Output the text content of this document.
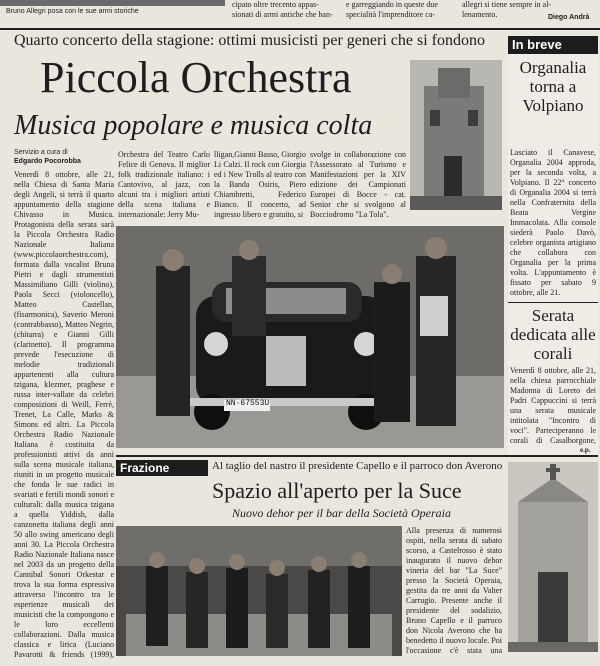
Bruno Allegri posa con le sue armi storiche
cipato oltre trecento appas-
sionati di armi antiche che han-
e garreggiando in queste due
specialità l'imprenditore ca-
allegri si tiene sempre in al-
lenamento.	Diego Andrà
Quarto concerto della stagione: ottimi musicisti per generi che si fondono
Piccola Orchestra
Musica popolare e musica colta
Servizio a cura di
Edgardo Pocorobba

Venerdì 8 ottobre, alle 21, nella Chiesa di Santa Maria degli Angeli, si terrà il quarto appuntamento della stagione Chivasso in Musica. Protagonista della serata sarà la Piccola Orchestra Radio Nazionale Italiana (www.piccolaorchestra.com), formata dalla vocalist Bruna Pietri e dagli strumentisti Massimiliano Gilli (violino), Paola Secci (violoncello), Matteo Castellan, (fisarmonica), Saverio Meroni (contrabbasso), Matteo Negrin, (chitarra) e Gianni Gilli (clarinetto). Il programma prevede l'esecuzione di melodie tradizionali appartenenti alla cultura tzigana, klezmer, praghese e russa inter-vallate da celebri composizioni di Weill, Ferrè, Trenet, La Calle, Marks & Simons ed altri. La Piccola Orchestra Radio Nazionale Italiana è costituita da professionisti attivi da anni sulla scena musicale italiana, riuniti in un progetto musicale che fonda le sue radici in svariati e fertili mondi sonori e culturali: dalla musica tzigana a quella Yiddish, dalla canzonetta italiana degli anni 50 allo swing americano degli anni 30. La Piccola Orchestra Radio Nazionale Italiana nasce nel 2003 da un progetto della Cannibal Sonori Orkestar e trova la sua forma espressiva attraverso l'incontro tra le esperienze musicali dei musicisti che la compongono e le loro eccellenti collaborazioni. Dalla musica classica e lirica (Luciano Pavarotti & friends (1999),

Orchestra del Teatro Carlo Felice di Genova. Il miglior folk tradizionale italiano: i Cantovivo, al jazz, con alcuni tra i migliori artisti della scena italiana e internazionale: Jerry Mu-

lligan,Gianni Basso, Giorgio Li Calzi. Il rock con Giorgia ed i New Trolls al teatro con la Banda Osiris, Piero Chiambretti, Federico Bianco. Il concerto, ad ingresso libero e gratuito, si

svolge in collaborazione con l'Assessorato al Turismo e Manifestazioni per la XIV edizione dei Campionati Europei di Bocce - cat. Senior che si svolgono al Bocciodromo "La Tola".

NN·67553U
In breve
Organalia torna a Volpiano

Lasciato il Canavese, Organalia 2004 approda, per la seconda volta, a Volpiano. Il 22° concerto di Organalia 2004 si terrà nella Confraternita della Beata Vergine Immacolata. Alla console siederà Paolo Davò, celebre organista artigiano che collabora con Organalia per la prima volta. L'appuntamento è fissato per sabato 9 ottobre, alle 21.

Serata dedicata alle corali

Venerdì 8 ottobre, alle 21, nella chiesa parrocchiale Madonna di Loreto dei Padri Cappuccini si terrà una serata musicale intitolata "Incontro di voci". Parteciperanno le corali di Casalborgone,

e.p.
Frazione	Al taglio del nastro il presidente Capello e il parroco don Averono
Spazio all'aperto per la Suce
Nuovo dehor per il bar della Società Operaia

Alla presenza di numerosi ospiti, nella serata di sabato scorso, a Castelrosso è stato inaugurato il nuovo dehor vineria del bar "La Suce" presso la Società Operaia, gestita da tre anni da Valter Carrugio. Presente anche il presidente del sodalizio, Bruno Capello e il parroco don Nicola Averono che ha benedetto il nuovo locale. Poi l'occasione c'è stata una
